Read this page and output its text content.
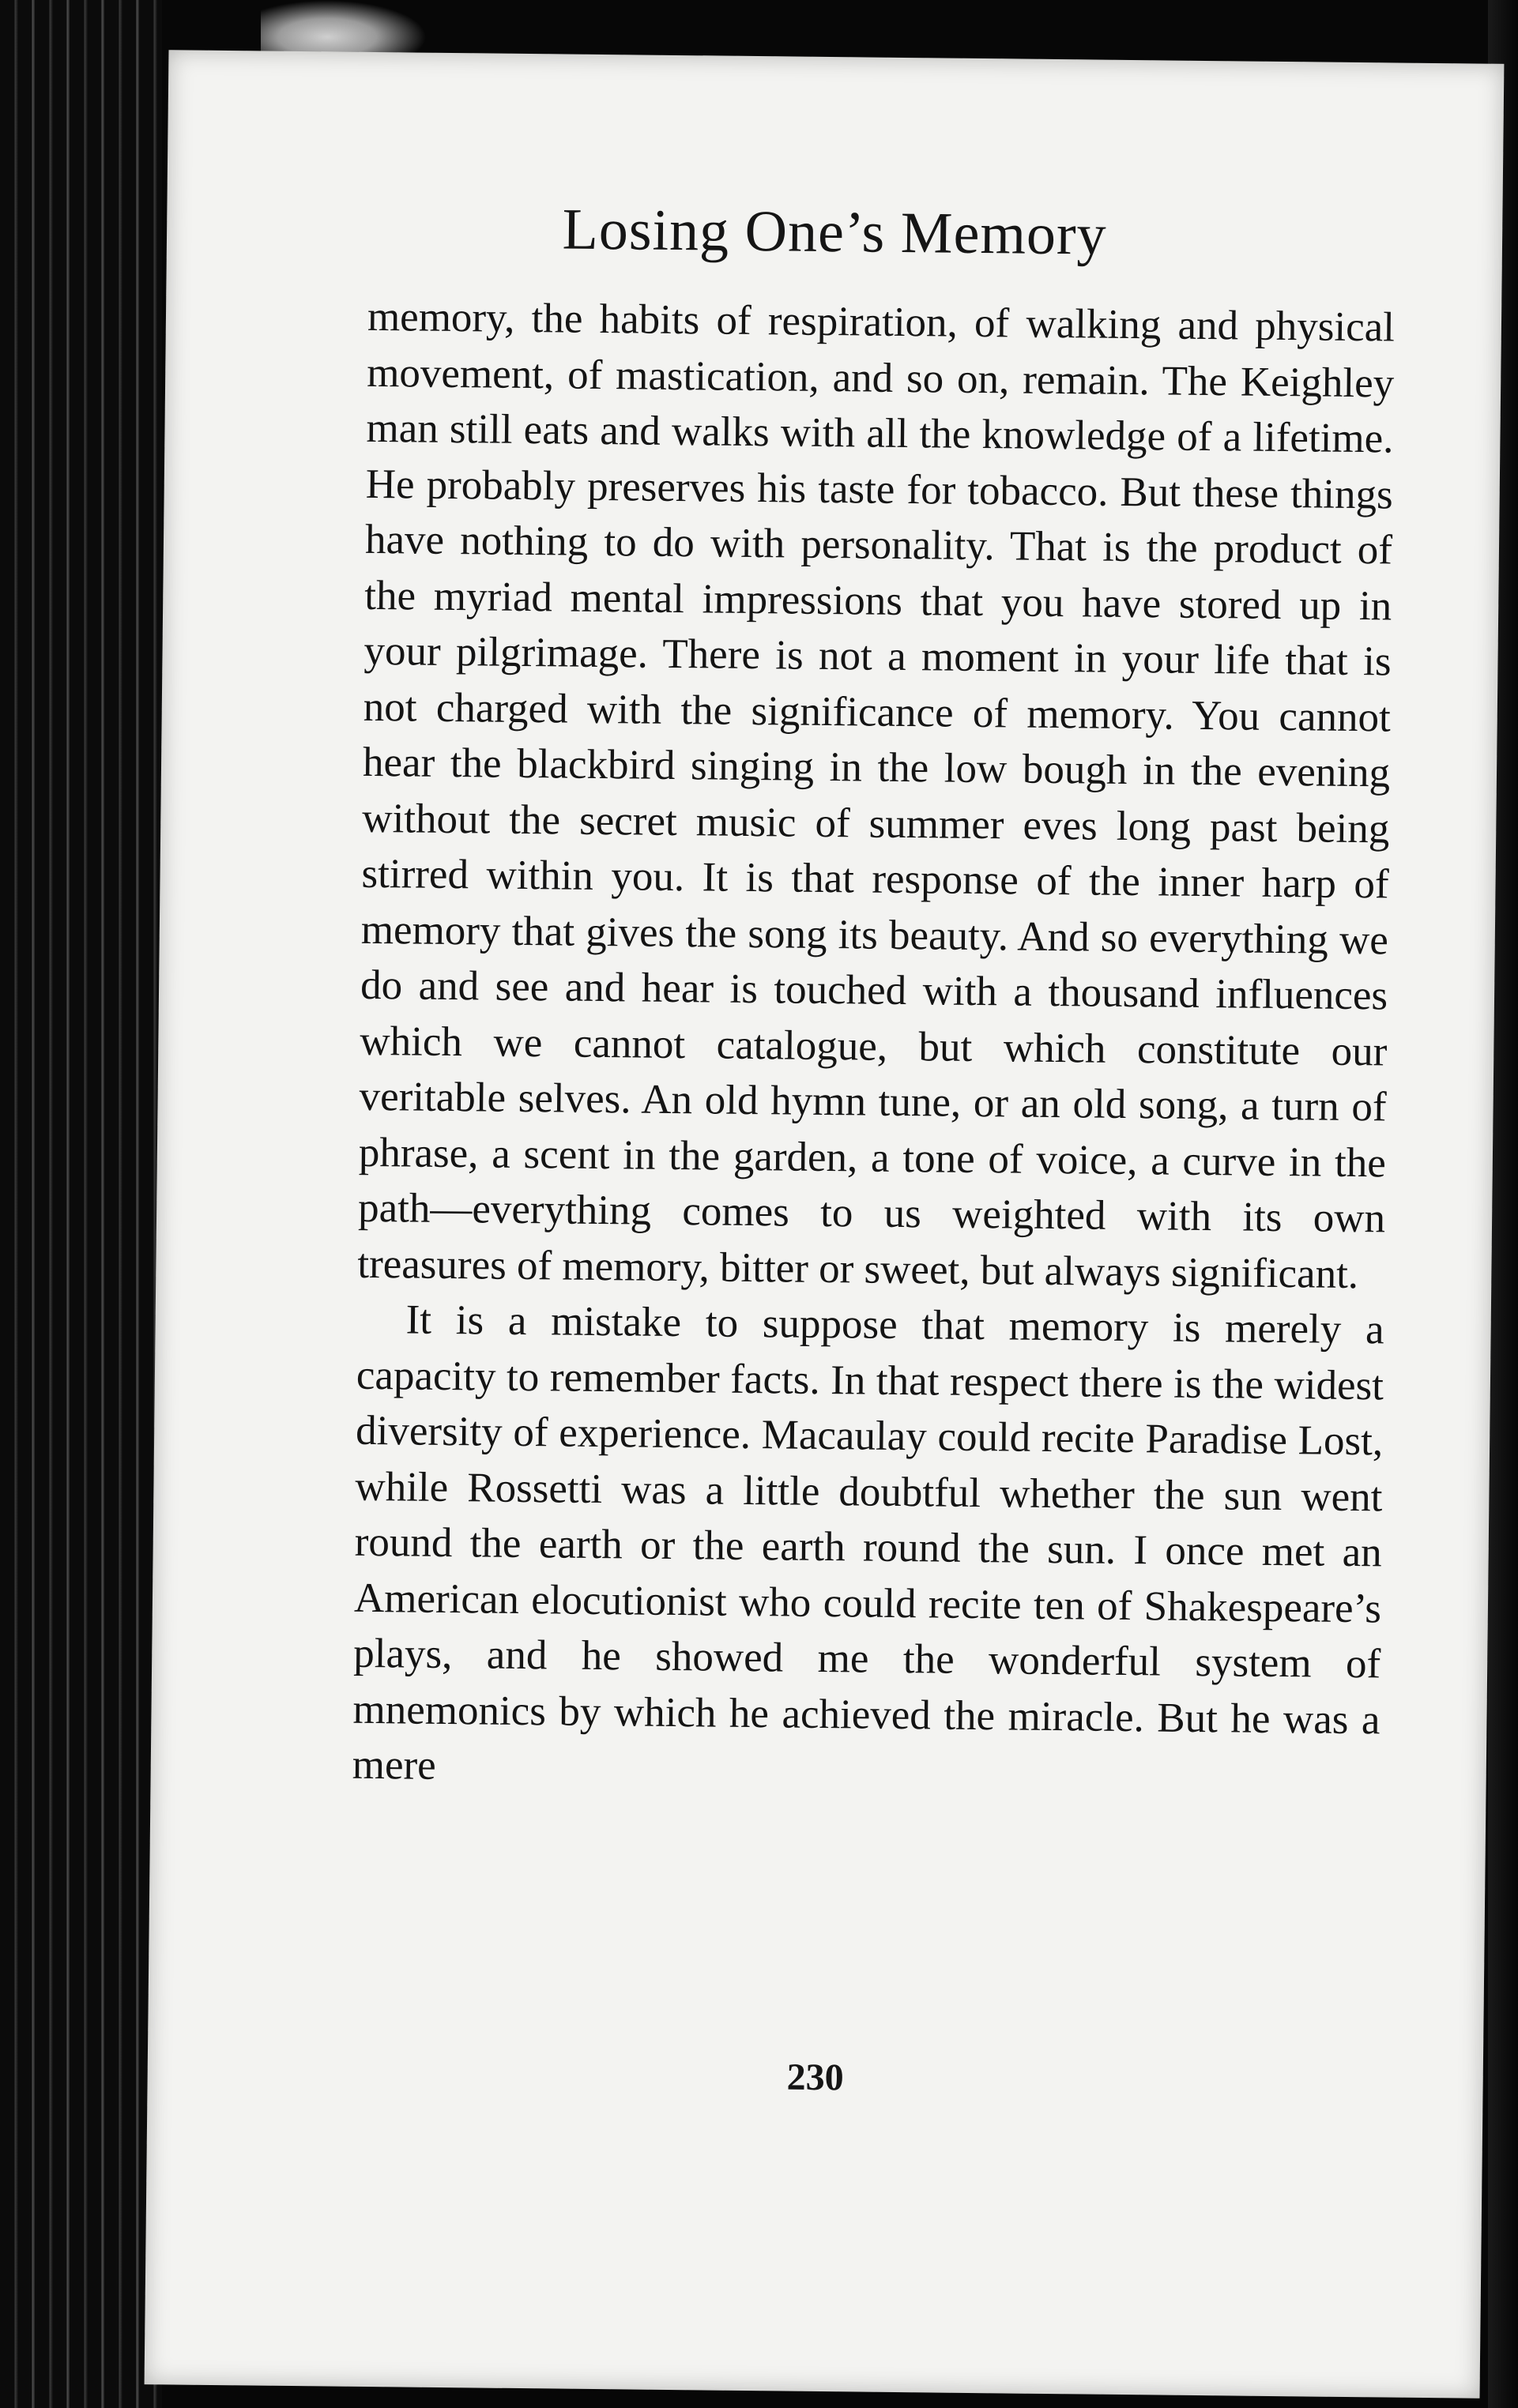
Losing One’s Memory

memory, the habits of respiration, of walking and physical movement, of mastication, and so on, remain. The Keighley man still eats and walks with all the knowledge of a lifetime. He probably preserves his taste for tobacco. But these things have nothing to do with personality. That is the product of the myriad mental impressions that you have stored up in your pilgrimage. There is not a moment in your life that is not charged with the significance of memory. You cannot hear the blackbird singing in the low bough in the evening without the secret music of summer eves long past being stirred within you. It is that response of the inner harp of memory that gives the song its beauty. And so everything we do and see and hear is touched with a thousand influences which we cannot catalogue, but which constitute our veritable selves. An old hymn tune, or an old song, a turn of phrase, a scent in the garden, a tone of voice, a curve in the path—everything comes to us weighted with its own treasures of memory, bitter or sweet, but always significant.

It is a mistake to suppose that memory is merely a capacity to remember facts. In that respect there is the widest diversity of experience. Macaulay could recite Paradise Lost, while Rossetti was a little doubtful whether the sun went round the earth or the earth round the sun. I once met an American elocutionist who could recite ten of Shakespeare’s plays, and he showed me the wonderful system of mnemonics by which he achieved the miracle. But he was a mere

230
